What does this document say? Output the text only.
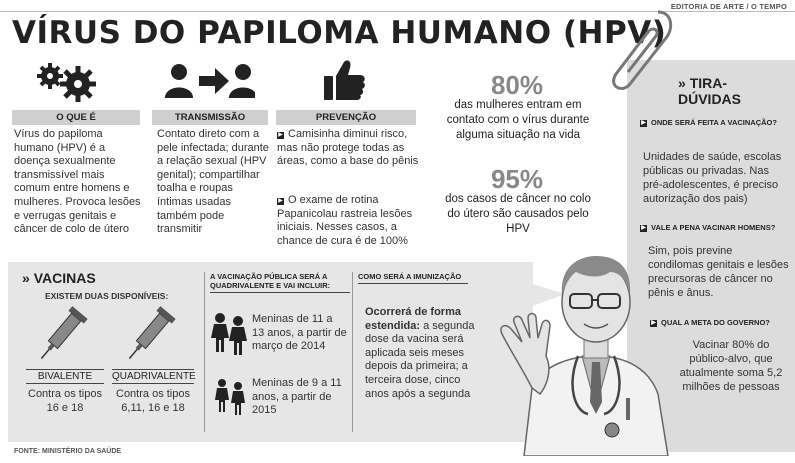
EDITORIA DE ARTE / O TEMPO
VÍRUS DO PAPILOMA HUMANO (HPV)
O QUE É
Vírus do papiloma humano (HPV) é a doença sexualmente transmissível mais comum entre homens e mulheres. Provoca lesões e verrugas genitais e câncer de colo de útero
TRANSMISSÃO
Contato direto com a pele infectada; durante a relação sexual (HPV genital); compartilhar toalha e roupas íntimas usadas também pode transmitir
PREVENÇÃO
▶ Camisinha diminui risco, mas não protege todas as áreas, como a base do pênis
▶ O exame de rotina Papanicolau rastreia lesões iniciais. Nesses casos, a chance de cura é de 100%
80%
das mulheres entram em contato com o vírus durante alguma situação na vida
95%
dos casos de câncer no colo do útero são causados pelo HPV
» VACINAS
EXISTEM DUAS DISPONÍVEIS:
BIVALENTE
Contra os tipos 16 e 18
QUADRIVALENTE
Contra os tipos 6,11, 16 e 18
A VACINAÇÃO PÚBLICA SERÁ A QUADRIVALENTE E VAI INCLUIR:
Meninas de 11 a 13 anos, a partir de março de 2014
Meninas de 9 a 11 anos, a partir de 2015
COMO SERÁ A IMUNIZAÇÃO
Ocorrerá de forma estendida: a segunda dose da vacina será aplicada seis meses depois da primeira; a terceira dose, cinco anos após a segunda
» TIRA-DÚVIDAS
▶ ONDE SERÁ FEITA A VACINAÇÃO?
Unidades de saúde, escolas públicas ou privadas. Nas pré-adolescentes, é preciso autorização dos pais)
▶ VALE A PENA VACINAR HOMENS?
Sim, pois previne condilomas genitais e lesões precursoras de câncer no pênis e ânus.
▶ QUAL A META DO GOVERNO?
Vacinar 80% do público-alvo, que atualmente soma 5,2 milhões de pessoas
FONTE: MINISTÉRIO DA SAÚDE
